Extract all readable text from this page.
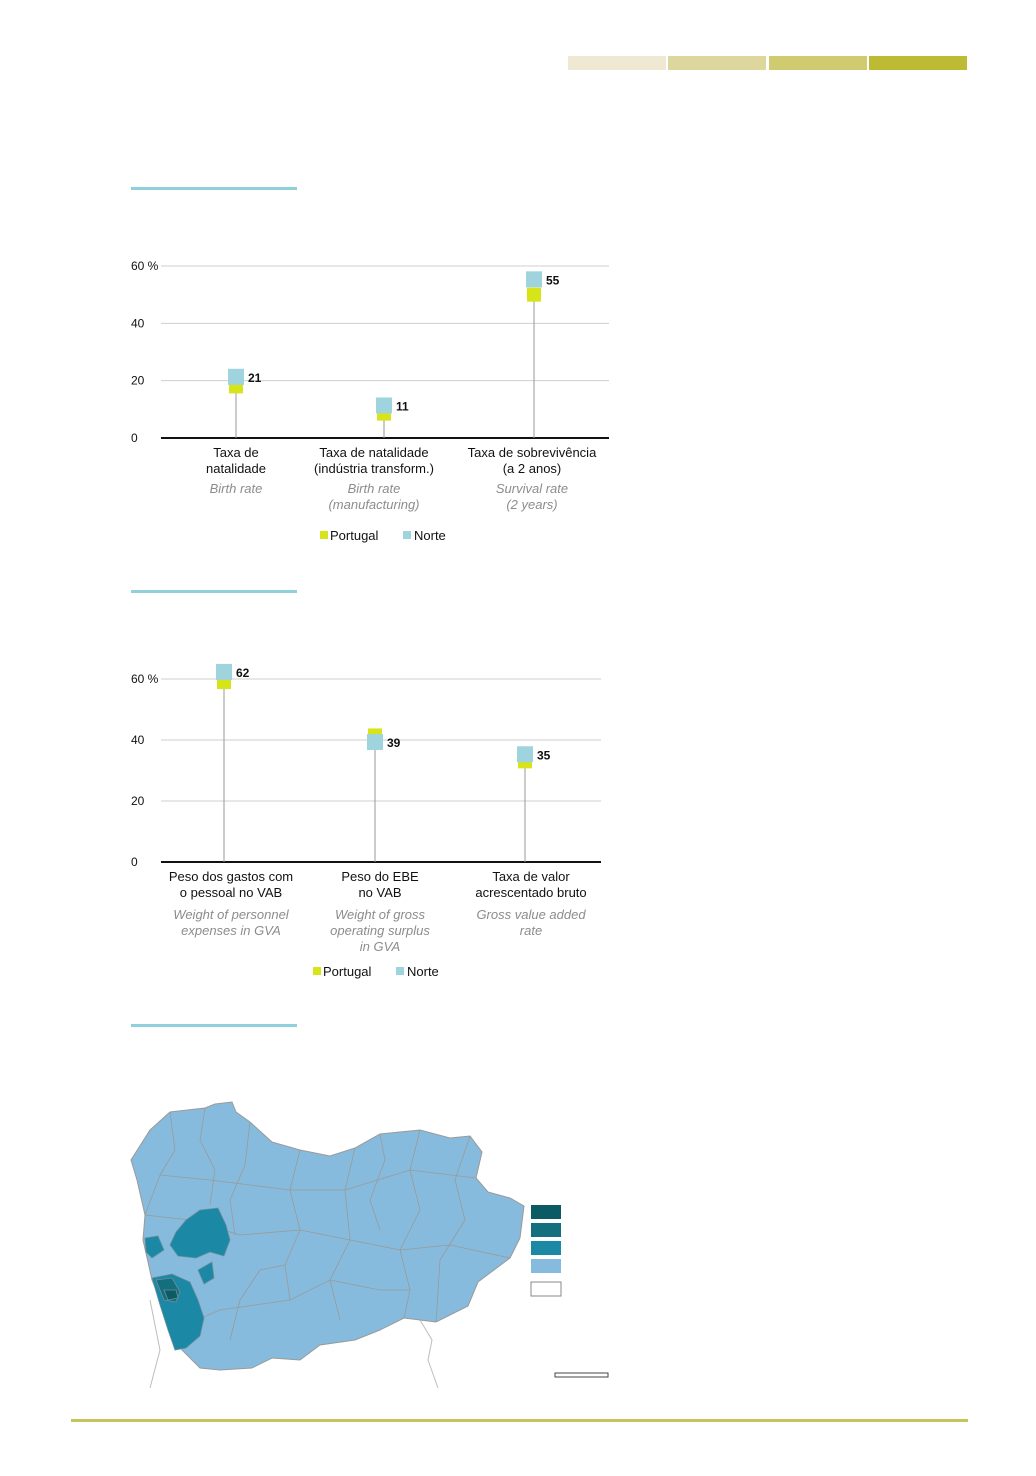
0
20
40
60 %
21
Taxa de
natalidade
Birth rate
11
Taxa de natalidade
(indústria transform.)
Birth rate
(manufacturing)
55
Taxa de sobrevivência
(a 2 anos)
Survival rate
(2 years)
Portugal	Norte
0
20
40
60 %	62
Peso dos gastos com
o pessoal no VAB
Weight of personnel
expenses in GVA
39
Peso do EBE
no VAB
Weight of gross
operating surplus
in GVA
35
Taxa de valor
acrescentado bruto
Gross value added
rate
Portugal	Norte
